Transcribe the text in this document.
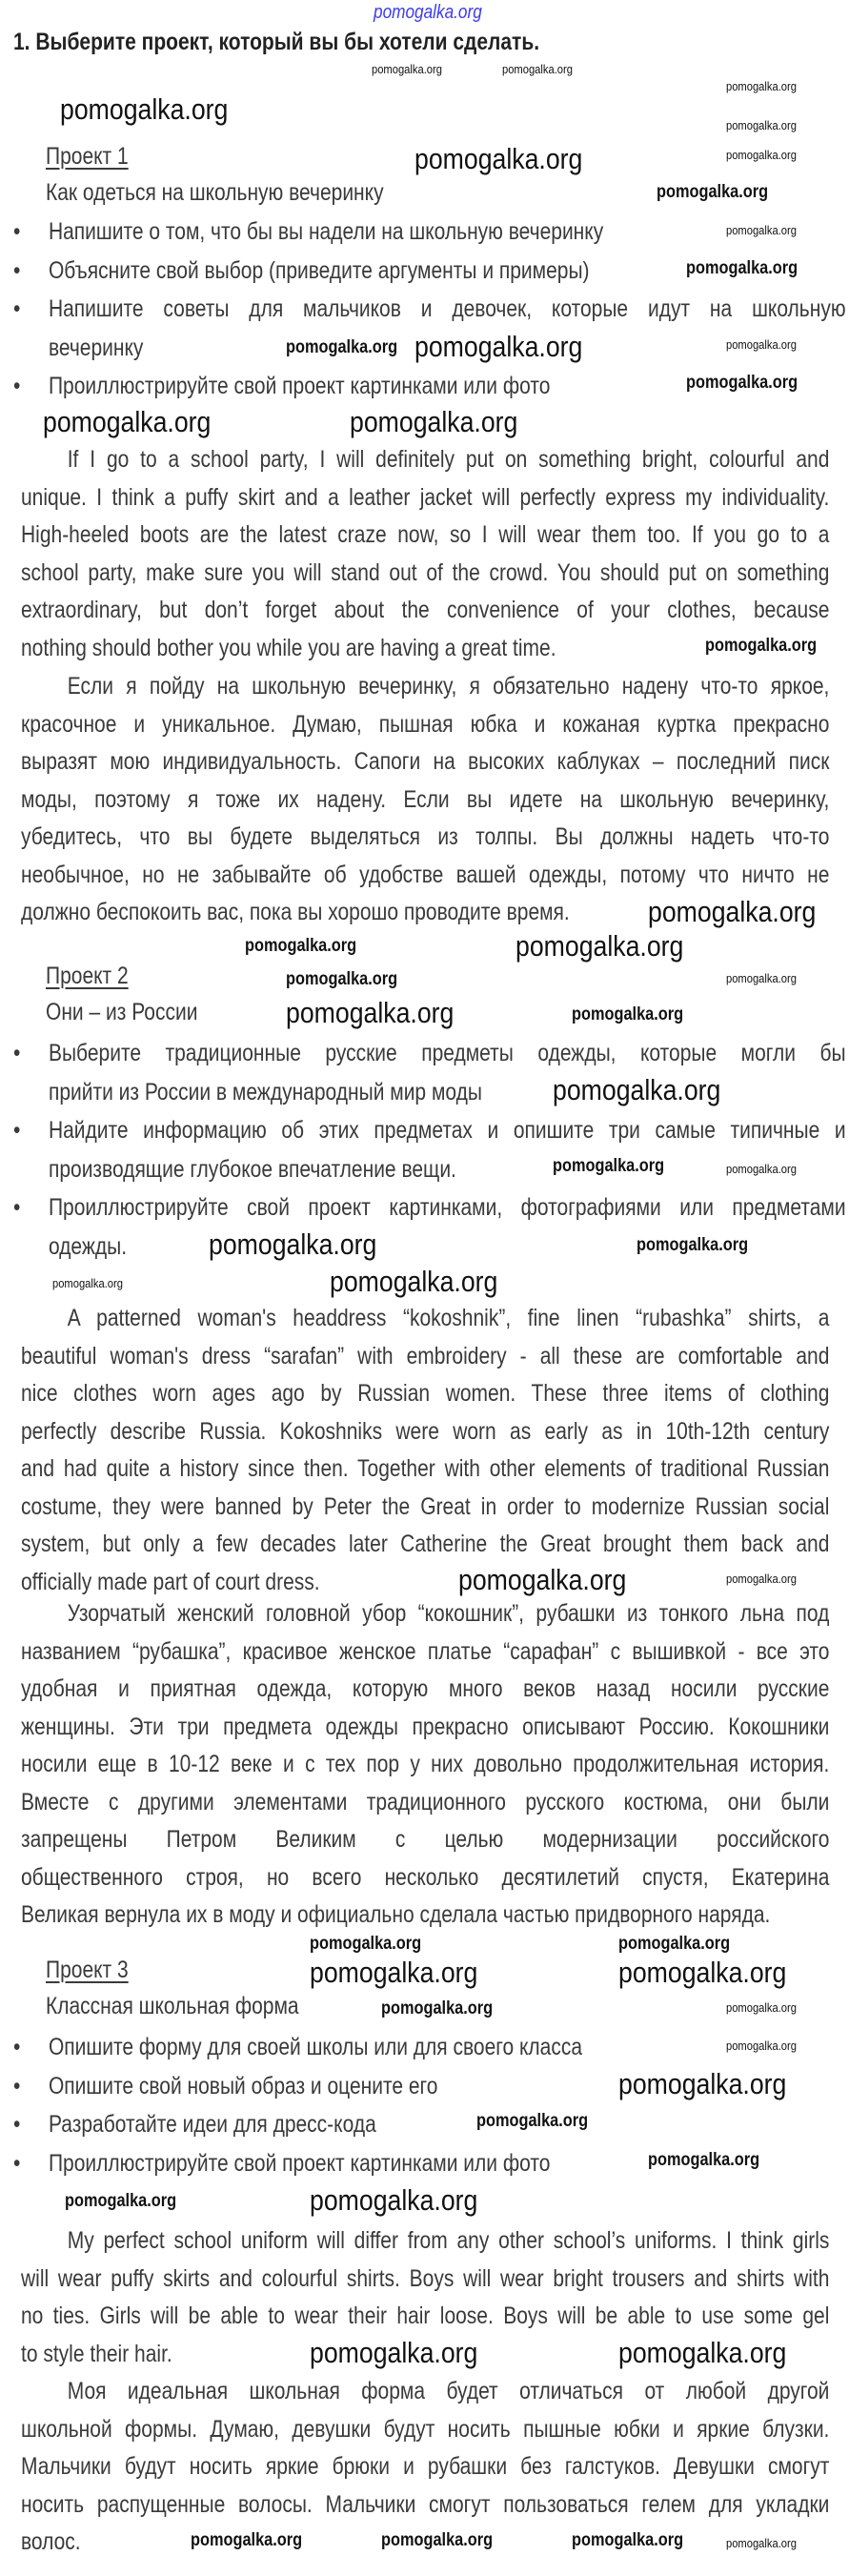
pomogalka.org
1. Выберите проект, который вы бы хотели сделать.
Проект 1
Как одеться на школьную вечеринку
• Напишите о том, что бы вы надели на школьную вечеринку
• Объясните свой выбор (приведите аргументы и примеры)
• Напишите советы для мальчиков и девочек, которые идут на школьную
вечеринку
• Проиллюстрируйте свой проект картинками или фото
If I go to a school party, I will definitely put on something bright, colourful and
unique. I think a puffy skirt and a leather jacket will perfectly express my individuality.
High-heeled boots are the latest craze now, so I will wear them too. If you go to a
school party, make sure you will stand out of the crowd. You should put on something
extraordinary, but don’t forget about the convenience of your clothes, because
nothing should bother you while you are having a great time.
Если я пойду на школьную вечеринку, я обязательно надену что-то яркое,
красочное и уникальное. Думаю, пышная юбка и кожаная куртка прекрасно
выразят мою индивидуальность. Сапоги на высоких каблуках – последний писк
моды, поэтому я тоже их надену. Если вы идете на школьную вечеринку,
убедитесь, что вы будете выделяться из толпы. Вы должны надеть что-то
необычное, но не забывайте об удобстве вашей одежды, потому что ничто не
должно беспокоить вас, пока вы хорошо проводите время.
Проект 2
Они – из России
• Выберите традиционные русские предметы одежды, которые могли бы
прийти из России в международный мир моды
• Найдите информацию об этих предметах и опишите три самые типичные и
производящие глубокое впечатление вещи.
• Проиллюстрируйте свой проект картинками, фотографиями или предметами
одежды.
A patterned woman's headdress “kokoshnik”, fine linen “rubashka” shirts, a
beautiful woman's dress “sarafan” with embroidery - all these are comfortable and
nice clothes worn ages ago by Russian women. These three items of clothing
perfectly describe Russia. Kokoshniks were worn as early as in 10th-12th century
and had quite a history since then. Together with other elements of traditional Russian
costume, they were banned by Peter the Great in order to modernize Russian social
system, but only a few decades later Catherine the Great brought them back and
officially made part of court dress.
Узорчатый женский головной убор “кокошник”, рубашки из тонкого льна под
названием “рубашка”, красивое женское платье “сарафан” с вышивкой - все это
удобная и приятная одежда, которую много веков назад носили русские
женщины. Эти три предмета одежды прекрасно описывают Россию. Кокошники
носили еще в 10-12 веке и с тех пор у них довольно продолжительная история.
Вместе с другими элементами традиционного русского костюма, они были
запрещены Петром Великим с целью модернизации российского
общественного строя, но всего несколько десятилетий спустя, Екатерина
Великая вернула их в моду и официально сделала частью придворного наряда.
Проект 3
Классная школьная форма
• Опишите форму для своей школы или для своего класса
• Опишите свой новый образ и оцените его
• Разработайте идеи для дресс-кода
• Проиллюстрируйте свой проект картинками или фото
My perfect school uniform will differ from any other school’s uniforms. I think girls
will wear puffy skirts and colourful shirts. Boys will wear bright trousers and shirts with
no ties. Girls will be able to wear their hair loose. Boys will be able to use some gel
to style their hair.
Моя идеальная школьная форма будет отличаться от любой другой
школьной формы. Думаю, девушки будут носить пышные юбки и яркие блузки.
Мальчики будут носить яркие брюки и рубашки без галстуков. Девушки смогут
носить распущенные волосы. Мальчики смогут пользоваться гелем для укладки
волос.
pomogalka.org
pomogalka.org
pomogalka.org
pomogalka.org	pomogalka.org
pomogalka.org
pomogalka.org
pomogalka.org
pomogalka.org
pomogalka.org
pomogalka.org
pomogalka.org
pomogalka.org	pomogalka.org
pomogalka.org
pomogalka.org
pomogalka.org	pomogalka.org
pomogalka.org
pomogalka.org
pomogalka.org
pomogalka.org
pomogalka.org
pomogalka.org
pomogalka.org
pomogalka.org
pomogalka.org
pomogalka.org
pomogalka.org	pomogalka.org
pomogalka.org
pomogalka.org
pomogalka.org
pomogalka.org
pomogalka.org	pomogalka.org	pomogalka.org
pomogalka.org	pomogalka.org
pomogalka.org
pomogalka.org
pomogalka.org
pomogalka.org
pomogalka.org
pomogalka.org
pomogalka.org
pomogalka.org
pomogalka.org
pomogalka.org
pomogalka.org
pomogalka.org
